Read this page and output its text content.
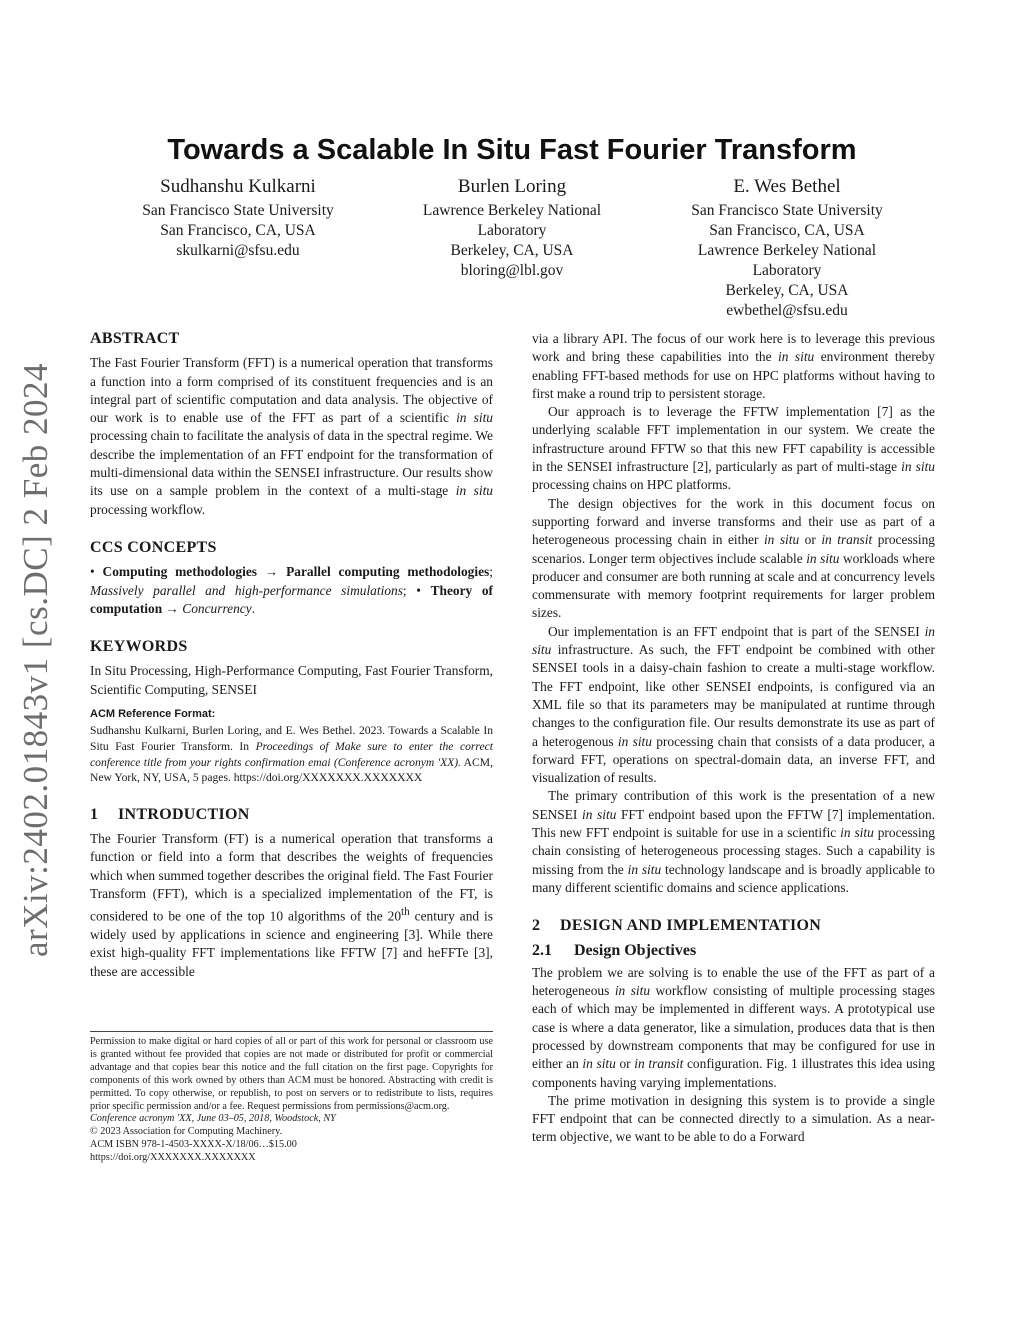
arXiv:2402.01843v1 [cs.DC] 2 Feb 2024
Towards a Scalable In Situ Fast Fourier Transform
Sudhanshu Kulkarni
San Francisco State University
San Francisco, CA, USA
skulkarni@sfsu.edu
Burlen Loring
Lawrence Berkeley National
Laboratory
Berkeley, CA, USA
bloring@lbl.gov
E. Wes Bethel
San Francisco State University
San Francisco, CA, USA
Lawrence Berkeley National
Laboratory
Berkeley, CA, USA
ewbethel@sfsu.edu
ABSTRACT

The Fast Fourier Transform (FFT) is a numerical operation that transforms a function into a form comprised of its constituent frequencies and is an integral part of scientific computation and data analysis. The objective of our work is to enable use of the FFT as part of a scientific in situ processing chain to facilitate the analysis of data in the spectral regime. We describe the implementation of an FFT endpoint for the transformation of multi-dimensional data within the SENSEI infrastructure. Our results show its use on a sample problem in the context of a multi-stage in situ processing workflow.

CCS CONCEPTS

• Computing methodologies → Parallel computing methodologies; Massively parallel and high-performance simulations; • Theory of computation → Concurrency.

KEYWORDS

In Situ Processing, High-Performance Computing, Fast Fourier Transform, Scientific Computing, SENSEI

ACM Reference Format:

Sudhanshu Kulkarni, Burlen Loring, and E. Wes Bethel. 2023. Towards a Scalable In Situ Fast Fourier Transform. In Proceedings of Make sure to enter the correct conference title from your rights confirmation emai (Conference acronym 'XX). ACM, New York, NY, USA, 5 pages. https://doi.org/XXXXXXX.XXXXXXX

1 INTRODUCTION

The Fourier Transform (FT) is a numerical operation that transforms a function or field into a form that describes the weights of frequencies which when summed together describes the original field. The Fast Fourier Transform (FFT), which is a specialized implementation of the FT, is considered to be one of the top 10 algorithms of the 20th century and is widely used by applications in science and engineering [3]. While there exist high-quality FFT implementations like FFTW [7] and heFFTe [3], these are accessible

Permission to make digital or hard copies of all or part of this work for personal or classroom use is granted without fee provided that copies are not made or distributed for profit or commercial advantage and that copies bear this notice and the full citation on the first page. Copyrights for components of this work owned by others than ACM must be honored. Abstracting with credit is permitted. To copy otherwise, or republish, to post on servers or to redistribute to lists, requires prior specific permission and/or a fee. Request permissions from permissions@acm.org.
Conference acronym 'XX, June 03–05, 2018, Woodstock, NY
© 2023 Association for Computing Machinery.
ACM ISBN 978-1-4503-XXXX-X/18/06…$15.00
https://doi.org/XXXXXXX.XXXXXXX

via a library API. The focus of our work here is to leverage this previous work and bring these capabilities into the in situ environment thereby enabling FFT-based methods for use on HPC platforms without having to first make a round trip to persistent storage.

Our approach is to leverage the FFTW implementation [7] as the underlying scalable FFT implementation in our system. We create the infrastructure around FFTW so that this new FFT capability is accessible in the SENSEI infrastructure [2], particularly as part of multi-stage in situ processing chains on HPC platforms.

The design objectives for the work in this document focus on supporting forward and inverse transforms and their use as part of a heterogeneous processing chain in either in situ or in transit processing scenarios. Longer term objectives include scalable in situ workloads where producer and consumer are both running at scale and at concurrency levels commensurate with memory footprint requirements for larger problem sizes.

Our implementation is an FFT endpoint that is part of the SENSEI in situ infrastructure. As such, the FFT endpoint be combined with other SENSEI tools in a daisy-chain fashion to create a multi-stage workflow. The FFT endpoint, like other SENSEI endpoints, is configured via an XML file so that its parameters may be manipulated at runtime through changes to the configuration file. Our results demonstrate its use as part of a heterogenous in situ processing chain that consists of a data producer, a forward FFT, operations on spectral-domain data, an inverse FFT, and visualization of results.

The primary contribution of this work is the presentation of a new SENSEI in situ FFT endpoint based upon the FFTW [7] implementation. This new FFT endpoint is suitable for use in a scientific in situ processing chain consisting of heterogeneous processing stages. Such a capability is missing from the in situ technology landscape and is broadly applicable to many different scientific domains and science applications.

2 DESIGN AND IMPLEMENTATION
2.1 Design Objectives

The problem we are solving is to enable the use of the FFT as part of a heterogeneous in situ workflow consisting of multiple processing stages each of which may be implemented in different ways. A prototypical use case is where a data generator, like a simulation, produces data that is then processed by downstream components that may be configured for use in either an in situ or in transit configuration. Fig. 1 illustrates this idea using components having varying implementations.

The prime motivation in designing this system is to provide a single FFT endpoint that can be connected directly to a simulation. As a near-term objective, we want to be able to do a Forward
